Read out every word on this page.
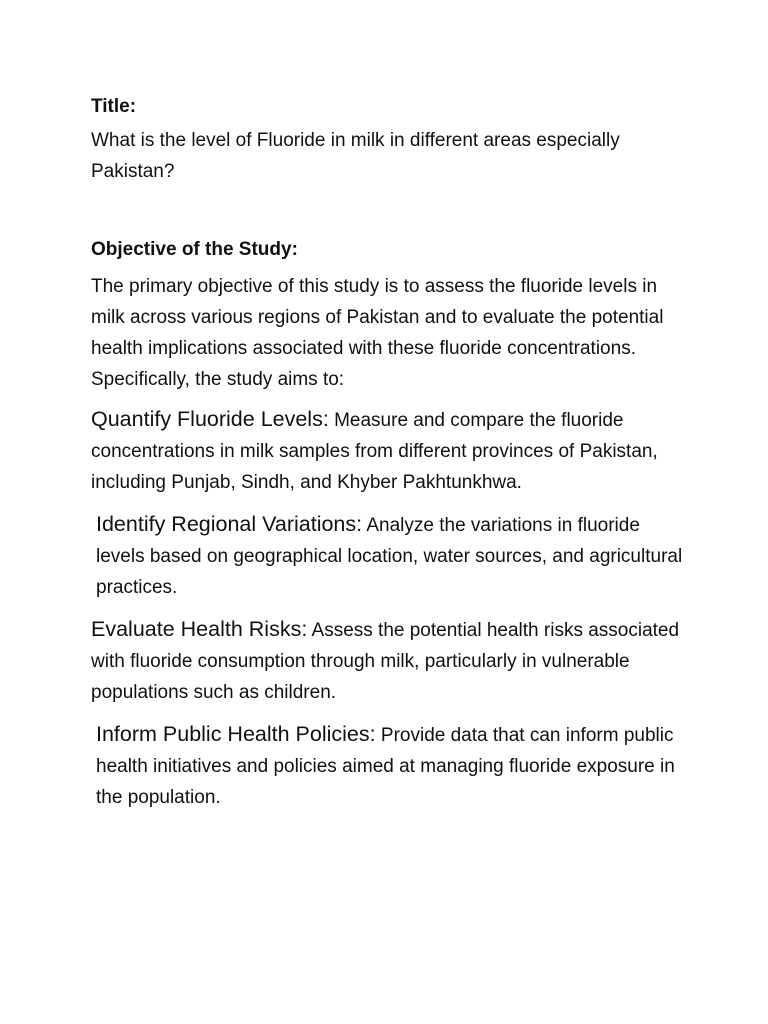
Title:

What is the level of Fluoride in milk in different areas especially Pakistan?

Objective of the Study:

The primary objective of this study is to assess the fluoride levels in milk across various regions of Pakistan and to evaluate the potential health implications associated with these fluoride concentrations. Specifically, the study aims to:

Quantify Fluoride Levels: Measure and compare the fluoride concentrations in milk samples from different provinces of Pakistan, including Punjab, Sindh, and Khyber Pakhtunkhwa.

Identify Regional Variations: Analyze the variations in fluoride levels based on geographical location, water sources, and agricultural practices.

Evaluate Health Risks: Assess the potential health risks associated with fluoride consumption through milk, particularly in vulnerable populations such as children.

Inform Public Health Policies: Provide data that can inform public health initiatives and policies aimed at managing fluoride exposure in the population.
